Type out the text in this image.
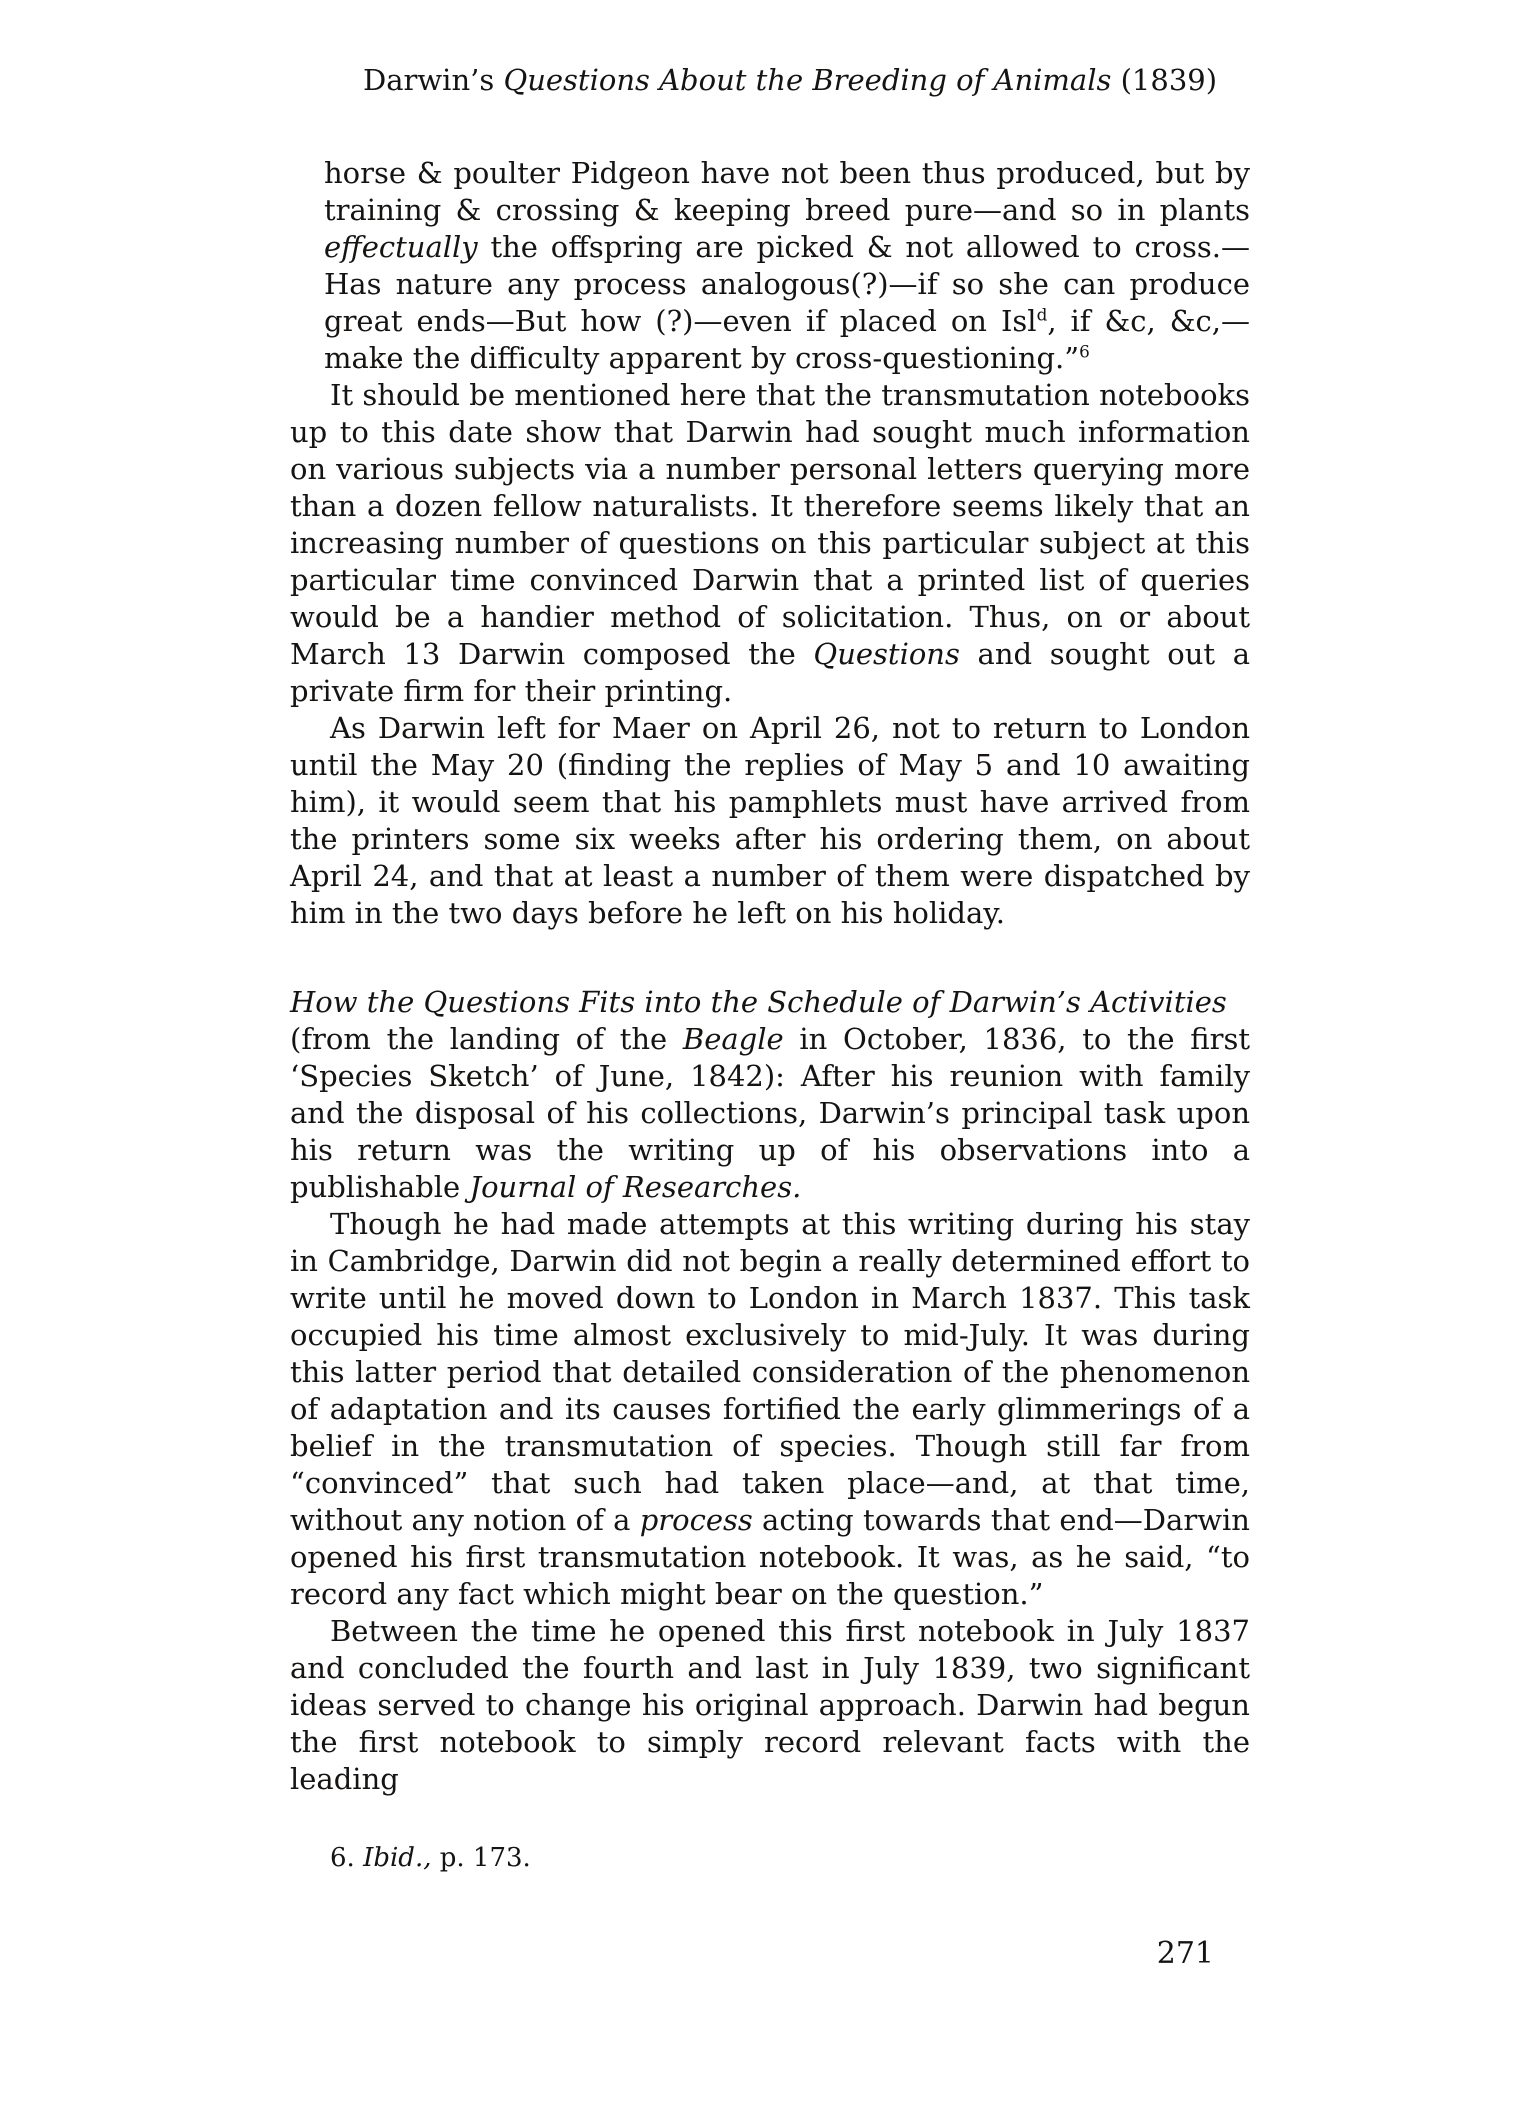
Darwin’s Questions About the Breeding of Animals (1839)
horse & poulter Pidgeon have not been thus produced, but by training & crossing & keeping breed pure—and so in plants effectually the offspring are picked & not allowed to cross.— Has nature any process analogous(?)—if so she can produce great ends—But how (?)—even if placed on Isl$^d$, if &c, &c,— make the difficulty apparent by cross-questioning.”$^6$

It should be mentioned here that the transmutation notebooks up to this date show that Darwin had sought much information on various subjects via a number personal letters querying more than a dozen fellow naturalists. It therefore seems likely that an increasing number of questions on this particular subject at this particular time convinced Darwin that a printed list of queries would be a handier method of solicitation. Thus, on or about March 13 Darwin composed the Questions and sought out a private firm for their printing.

As Darwin left for Maer on April 26, not to return to London until the May 20 (finding the replies of May 5 and 10 awaiting him), it would seem that his pamphlets must have arrived from the printers some six weeks after his ordering them, on about April 24, and that at least a number of them were dispatched by him in the two days before he left on his holiday.

How the Questions Fits into the Schedule of Darwin’s Activities

(from the landing of the Beagle in October, 1836, to the first ‘Species Sketch’ of June, 1842): After his reunion with family and the disposal of his collections, Darwin’s principal task upon his return was the writing up of his observations into a publishable Journal of Researches.

Though he had made attempts at this writing during his stay in Cambridge, Darwin did not begin a really determined effort to write until he moved down to London in March 1837. This task occupied his time almost exclusively to mid-July. It was during this latter period that detailed consideration of the phenomenon of adaptation and its causes fortified the early glimmerings of a belief in the transmutation of species. Though still far from “convinced” that such had taken place—and, at that time, without any notion of a process acting towards that end—Darwin opened his first transmutation notebook. It was, as he said, “to record any fact which might bear on the question.”

Between the time he opened this first notebook in July 1837 and concluded the fourth and last in July 1839, two significant ideas served to change his original approach. Darwin had begun the first notebook to simply record relevant facts with the leading

6. Ibid., p. 173.
271
